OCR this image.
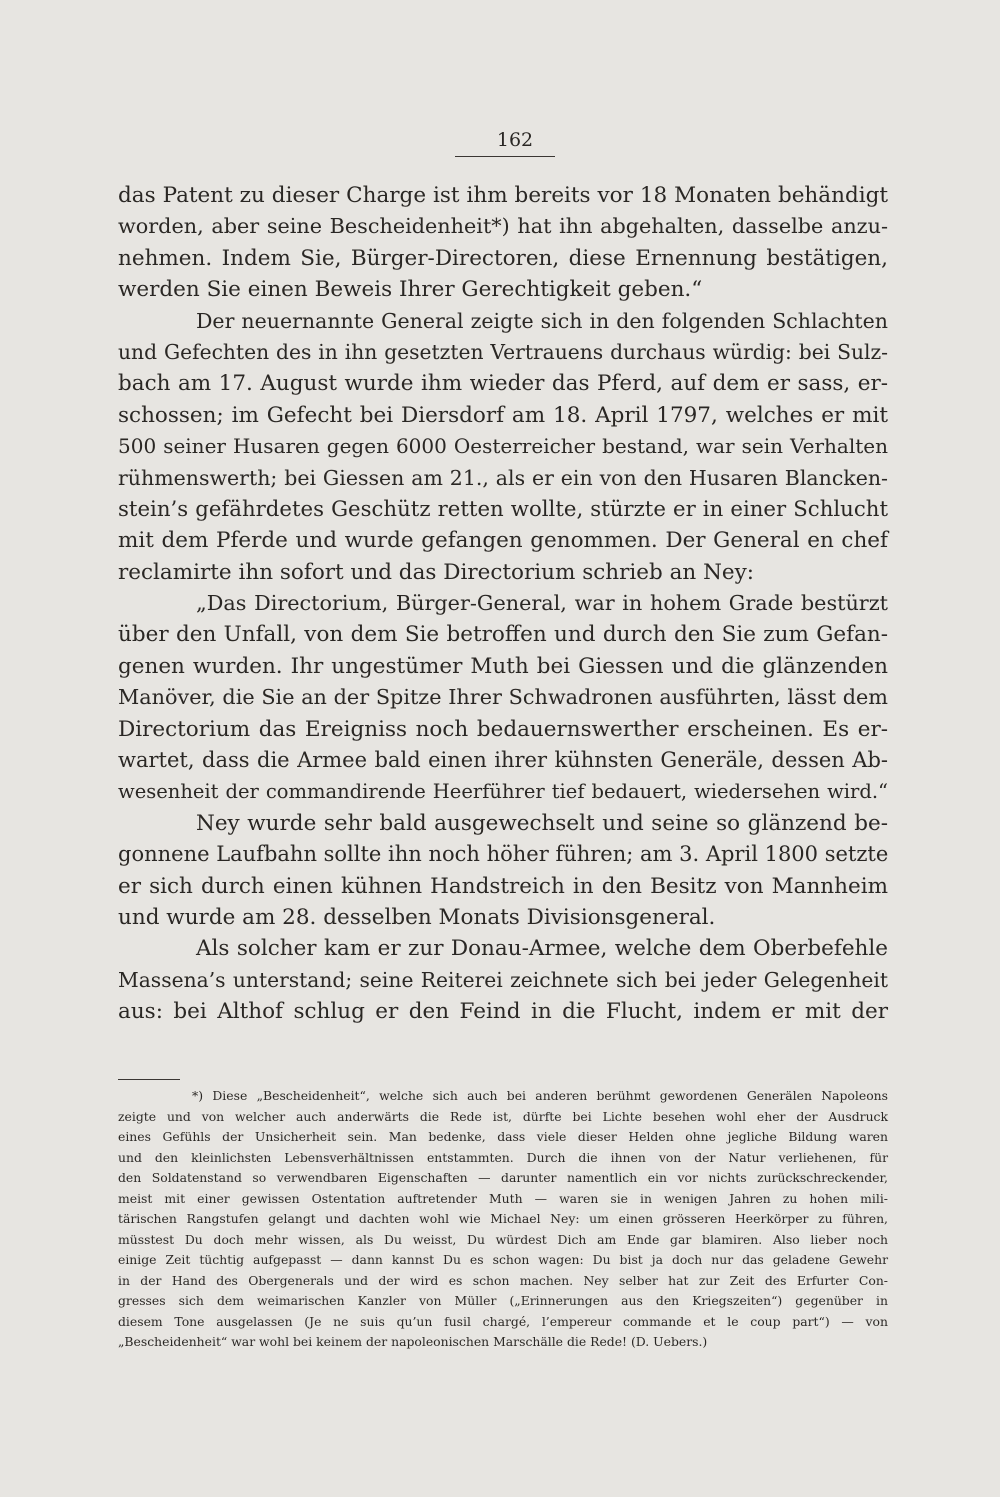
162
das Patent zu dieser Charge ist ihm bereits vor 18 Monaten behändigt
worden, aber seine Bescheidenheit*) hat ihn abgehalten, dasselbe anzu-
nehmen. Indem Sie, Bürger-Directoren, diese Ernennung bestätigen,
werden Sie einen Beweis Ihrer Gerechtigkeit geben.“
Der neuernannte General zeigte sich in den folgenden Schlachten
und Gefechten des in ihn gesetzten Vertrauens durchaus würdig: bei Sulz-
bach am 17. August wurde ihm wieder das Pferd, auf dem er sass, er-
schossen; im Gefecht bei Diersdorf am 18. April 1797, welches er mit
500 seiner Husaren gegen 6000 Oesterreicher bestand, war sein Verhalten
rühmenswerth; bei Giessen am 21., als er ein von den Husaren Blancken-
stein’s gefährdetes Geschütz retten wollte, stürzte er in einer Schlucht
mit dem Pferde und wurde gefangen genommen. Der General en chef
reclamirte ihn sofort und das Directorium schrieb an Ney:
„Das Directorium, Bürger-General, war in hohem Grade bestürzt
über den Unfall, von dem Sie betroffen und durch den Sie zum Gefan-
genen wurden. Ihr ungestümer Muth bei Giessen und die glänzenden
Manöver, die Sie an der Spitze Ihrer Schwadronen ausführten, lässt dem
Directorium das Ereigniss noch bedauernswerther erscheinen. Es er-
wartet, dass die Armee bald einen ihrer kühnsten Generäle, dessen Ab-
wesenheit der commandirende Heerführer tief bedauert, wiedersehen wird.“
Ney wurde sehr bald ausgewechselt und seine so glänzend be-
gonnene Laufbahn sollte ihn noch höher führen; am 3. April 1800 setzte
er sich durch einen kühnen Handstreich in den Besitz von Mannheim
und wurde am 28. desselben Monats Divisionsgeneral.
Als solcher kam er zur Donau-Armee, welche dem Oberbefehle
Massena’s unterstand; seine Reiterei zeichnete sich bei jeder Gelegenheit
aus: bei Althof schlug er den Feind in die Flucht, indem er mit der
*) Diese „Bescheidenheit“, welche sich auch bei anderen berühmt gewordenen Generälen Napoleons
zeigte und von welcher auch anderwärts die Rede ist, dürfte bei Lichte besehen wohl eher der Ausdruck
eines Gefühls der Unsicherheit sein. Man bedenke, dass viele dieser Helden ohne jegliche Bildung waren
und den kleinlichsten Lebensverhältnissen entstammten. Durch die ihnen von der Natur verliehenen, für
den Soldatenstand so verwendbaren Eigenschaften — darunter namentlich ein vor nichts zurückschreckender,
meist mit einer gewissen Ostentation auftretender Muth — waren sie in wenigen Jahren zu hohen mili-
tärischen Rangstufen gelangt und dachten wohl wie Michael Ney: um einen grösseren Heerkörper zu führen,
müsstest Du doch mehr wissen, als Du weisst, Du würdest Dich am Ende gar blamiren. Also lieber noch
einige Zeit tüchtig aufgepasst — dann kannst Du es schon wagen: Du bist ja doch nur das geladene Gewehr
in der Hand des Obergenerals und der wird es schon machen. Ney selber hat zur Zeit des Erfurter Con-
gresses sich dem weimarischen Kanzler von Müller („Erinnerungen aus den Kriegszeiten“) gegenüber in
diesem Tone ausgelassen (Je ne suis qu’un fusil chargé, l’empereur commande et le coup part“) — von
„Bescheidenheit“ war wohl bei keinem der napoleonischen Marschälle die Rede! (D. Uebers.)
